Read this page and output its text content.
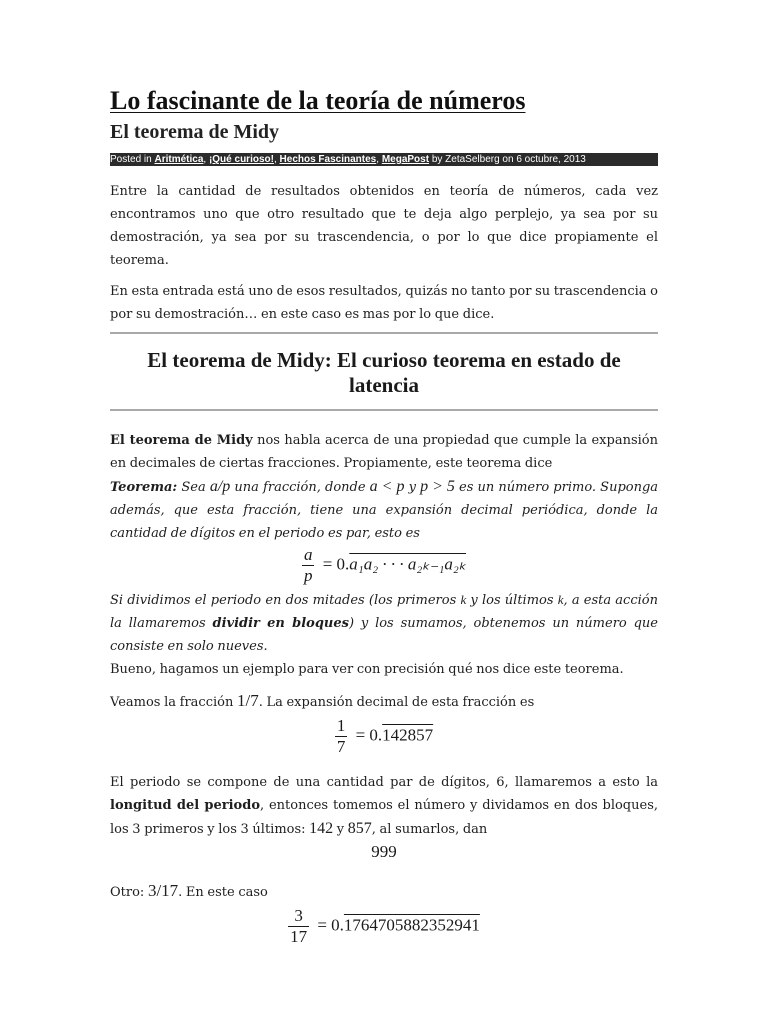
Lo fascinante de la teoría de números
El teorema de Midy
Posted in Aritmética, ¡Qué curioso!, Hechos Fascinantes, MegaPost by ZetaSelberg on 6 octubre, 2013

Entre la cantidad de resultados obtenidos en teoría de números, cada vez encontramos uno que otro resultado que te deja algo perplejo, ya sea por su demostración, ya sea por su trascendencia, o por lo que dice propiamente el teorema.

En esta entrada está uno de esos resultados, quizás no tanto por su trascendencia o por su demostración… en este caso es mas por lo que dice.

El teorema de Midy: El curioso teorema en estado de latencia

El teorema de Midy nos habla acerca de una propiedad que cumple la expansión en decimales de ciertas fracciones. Propiamente, este teorema dice

Teorema: Sea a/p una fracción, donde a < p y p > 5 es un número primo. Suponga además, que esta fracción, tiene una expansión decimal periódica, donde la cantidad de dígitos en el periodo es par, esto es

$\frac{a}{p} = 0.a_1a_2$ · · · a₂ₖ₋₁a₂ₖ

Si dividimos el periodo en dos mitades (los primeros k y los últimos k, a esta acción la llamaremos dividir en bloques) y los sumamos, obtenemos un número que consiste en solo nueves.

Bueno, hagamos un ejemplo para ver con precisión qué nos dice este teorema.

Veamos la fracción 1/7. La expansión decimal de esta fracción es

$\frac{1}{7} = 0.142857$

El periodo se compone de una cantidad par de dígitos, 6, llamaremos a esto la longitud del periodo, entonces tomemos el número y dividamos en dos bloques, los 3 primeros y los 3 últimos: 142 y 857, al sumarlos, dan

999

Otro: 3/17. En este caso

$\frac{3}{17} = 0.1764705882352941$
